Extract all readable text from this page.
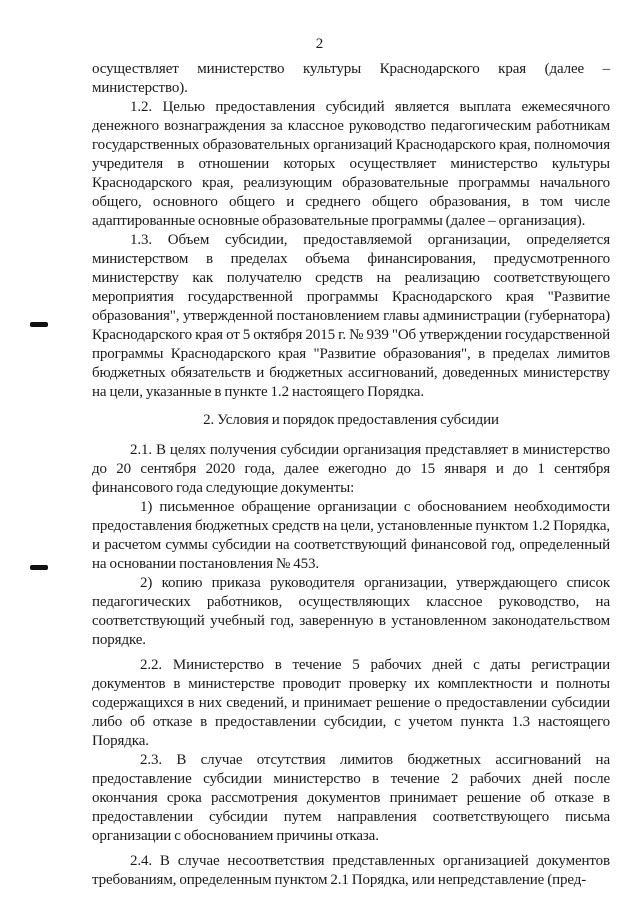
2

осуществляет министерство культуры Краснодарского края (далее – министерство).

1.2. Целью предоставления субсидий является выплата ежемесячного денежного вознаграждения за классное руководство педагогическим работникам государственных образовательных организаций Краснодарского края, полномочия учредителя в отношении которых осуществляет министерство культуры Краснодарского края, реализующим образовательные программы начального общего, основного общего и среднего общего образования, в том числе адаптированные основные образовательные программы (далее – организация).

1.3. Объем субсидии, предоставляемой организации, определяется министерством в пределах объема финансирования, предусмотренного министерству как получателю средств на реализацию соответствующего мероприятия государственной программы Краснодарского края "Развитие образования", утвержденной постановлением главы администрации (губернатора) Краснодарского края от 5 октября 2015 г. № 939 "Об утверждении государственной программы Краснодарского края "Развитие образования", в пределах лимитов бюджетных обязательств и бюджетных ассигнований, доведенных министерству на цели, указанные в пункте 1.2 настоящего Порядка.

2. Условия и порядок предоставления субсидии

2.1. В целях получения субсидии организация представляет в министерство до 20 сентября 2020 года, далее ежегодно до 15 января и до 1 сентября финансового года следующие документы:

1) письменное обращение организации с обоснованием необходимости предоставления бюджетных средств на цели, установленные пунктом 1.2 Порядка, и расчетом суммы субсидии на соответствующий финансовой год, определенный на основании постановления № 453.

2) копию приказа руководителя организации, утверждающего список педагогических работников, осуществляющих классное руководство, на соответствующий учебный год, заверенную в установленном законодательством порядке.

2.2. Министерство в течение 5 рабочих дней с даты регистрации документов в министерстве проводит проверку их комплектности и полноты содержащихся в них сведений, и принимает решение о предоставлении субсидии либо об отказе в предоставлении субсидии, с учетом пункта 1.3 настоящего Порядка.

2.3. В случае отсутствия лимитов бюджетных ассигнований на предоставление субсидии министерство в течение 2 рабочих дней после окончания срока рассмотрения документов принимает решение об отказе в предоставлении субсидии путем направления соответствующего письма организации с обоснованием причины отказа.

2.4. В случае несоответствия представленных организацией документов требованиям, определенным пунктом 2.1 Порядка, или непредставление (пред-
